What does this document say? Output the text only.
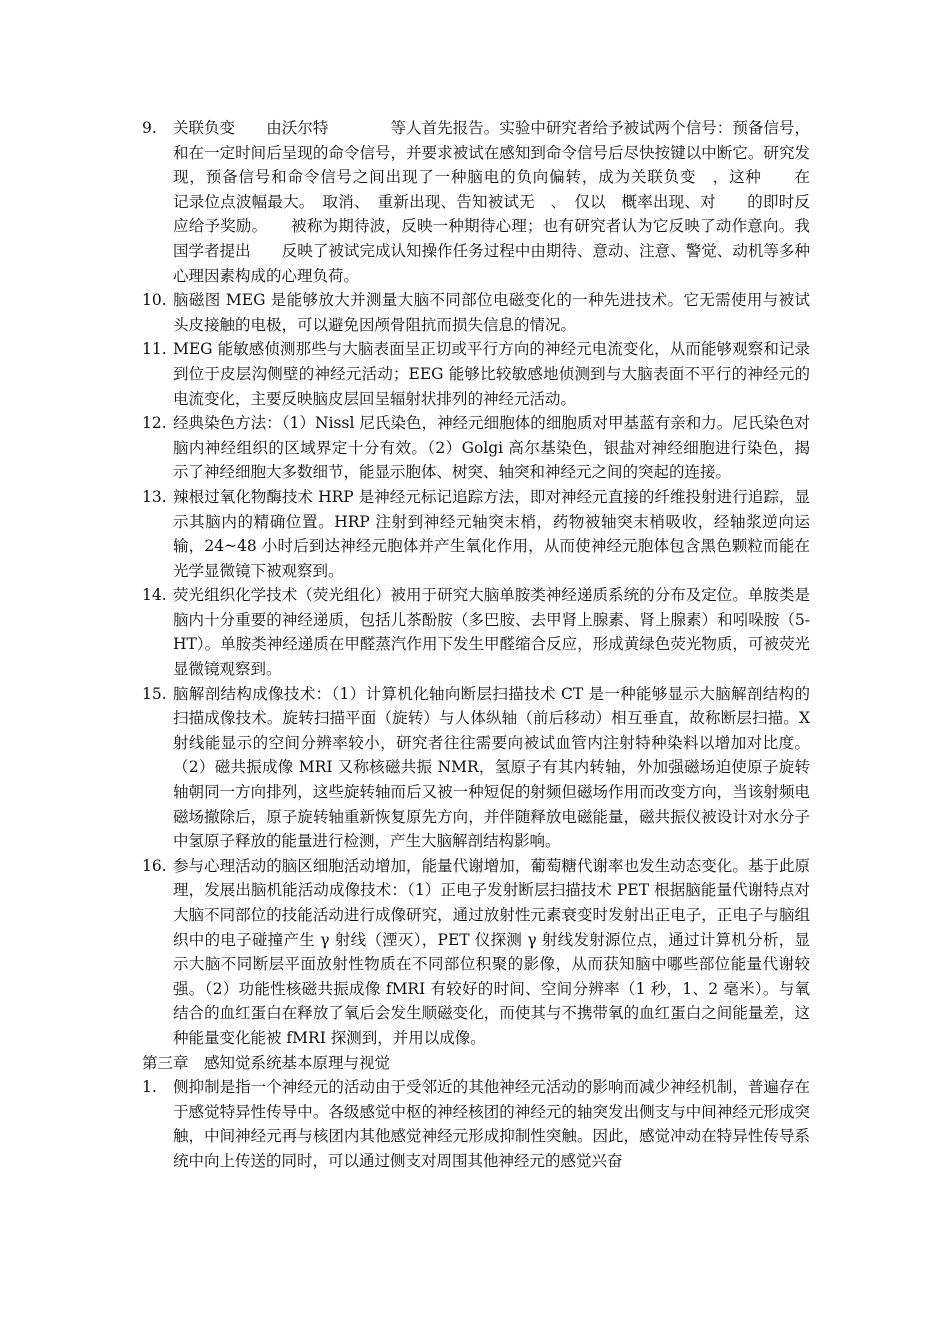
9.	关联负变　　由沃尔特　　　　等人首先报告。实验中研究者给予被试两个信号：预备信号，和在一定时间后呈现的命令信号，并要求被试在感知到命令信号后尽快按键以中断它。研究发现，预备信号和命令信号之间出现了一种脑电的负向偏转，成为关联负变　，这种　　在　　记录位点波幅最大。　取消、　重新出现、告知被试无　、　仅以　概率出现、对　　的即时反应给予奖励。　　被称为期待波，反映一种期待心理；也有研究者认为它反映了动作意向。我国学者提出　　反映了被试完成认知操作任务过程中由期待、意动、注意、警觉、动机等多种心理因素构成的心理负荷。
10. 脑磁图 MEG 是能够放大并测量大脑不同部位电磁变化的一种先进技术。它无需使用与被试头皮接触的电极，可以避免因颅骨阻抗而损失信息的情况。
11. MEG 能敏感侦测那些与大脑表面呈正切或平行方向的神经元电流变化，从而能够观察和记录到位于皮层沟侧壁的神经元活动；EEG 能够比较敏感地侦测到与大脑表面不平行的神经元的电流变化，主要反映脑皮层回呈辐射状排列的神经元活动。
12. 经典染色方法：（1）Nissl 尼氏染色，神经元细胞体的细胞质对甲基蓝有亲和力。尼氏染色对脑内神经组织的区域界定十分有效。（2）Golgi 高尔基染色，银盐对神经细胞进行染色，揭示了神经细胞大多数细节，能显示胞体、树突、轴突和神经元之间的突起的连接。
13. 辣根过氧化物酶技术 HRP 是神经元标记追踪方法，即对神经元直接的纤维投射进行追踪，显示其脑内的精确位置。HRP 注射到神经元轴突末梢，药物被轴突末梢吸收，经轴浆逆向运输，24~48 小时后到达神经元胞体并产生氧化作用，从而使神经元胞体包含黑色颗粒而能在光学显微镜下被观察到。
14. 荧光组织化学技术（荧光组化）被用于研究大脑单胺类神经递质系统的分布及定位。单胺类是脑内十分重要的神经递质，包括儿茶酚胺（多巴胺、去甲肾上腺素、肾上腺素）和吲哚胺（5-HT）。单胺类神经递质在甲醛蒸汽作用下发生甲醛缩合反应，形成黄绿色荧光物质，可被荧光显微镜观察到。
15. 脑解剖结构成像技术：（1）计算机化轴向断层扫描技术 CT 是一种能够显示大脑解剖结构的扫描成像技术。旋转扫描平面（旋转）与人体纵轴（前后移动）相互垂直，故称断层扫描。X 射线能显示的空间分辨率较小，研究者往往需要向被试血管内注射特种染料以增加对比度。（2）磁共振成像 MRI 又称核磁共振 NMR，氢原子有其内转轴，外加强磁场迫使原子旋转轴朝同一方向排列，这些旋转轴而后又被一种短促的射频但磁场作用而改变方向，当该射频电磁场撤除后，原子旋转轴重新恢复原先方向，并伴随释放电磁能量，磁共振仪被设计对水分子中氢原子释放的能量进行检测，产生大脑解剖结构影响。
16. 参与心理活动的脑区细胞活动增加，能量代谢增加，葡萄糖代谢率也发生动态变化。基于此原理，发展出脑机能活动成像技术：（1）正电子发射断层扫描技术 PET 根据脑能量代谢特点对大脑不同部位的技能活动进行成像研究，通过放射性元素衰变时发射出正电子，正电子与脑组织中的电子碰撞产生 γ 射线（湮灭），PET 仪探测 γ 射线发射源位点，通过计算机分析，显示大脑不同断层平面放射性物质在不同部位积聚的影像，从而获知脑中哪些部位能量代谢较强。（2）功能性核磁共振成像 fMRI 有较好的时间、空间分辨率（1 秒，1、2 毫米）。与氧结合的血红蛋白在释放了氧后会发生顺磁变化，而使其与不携带氧的血红蛋白之间能量差，这种能量变化能被 fMRI 探测到，并用以成像。
第三章　感知觉系统基本原理与视觉
1.	侧抑制是指一个神经元的活动由于受邻近的其他神经元活动的影响而减少神经机制，普遍存在于感觉特异性传导中。各级感觉中枢的神经核团的神经元的轴突发出侧支与中间神经元形成突触，中间神经元再与核团内其他感觉神经元形成抑制性突触。因此，感觉冲动在特异性传导系统中向上传送的同时，可以通过侧支对周围其他神经元的感觉兴奋
